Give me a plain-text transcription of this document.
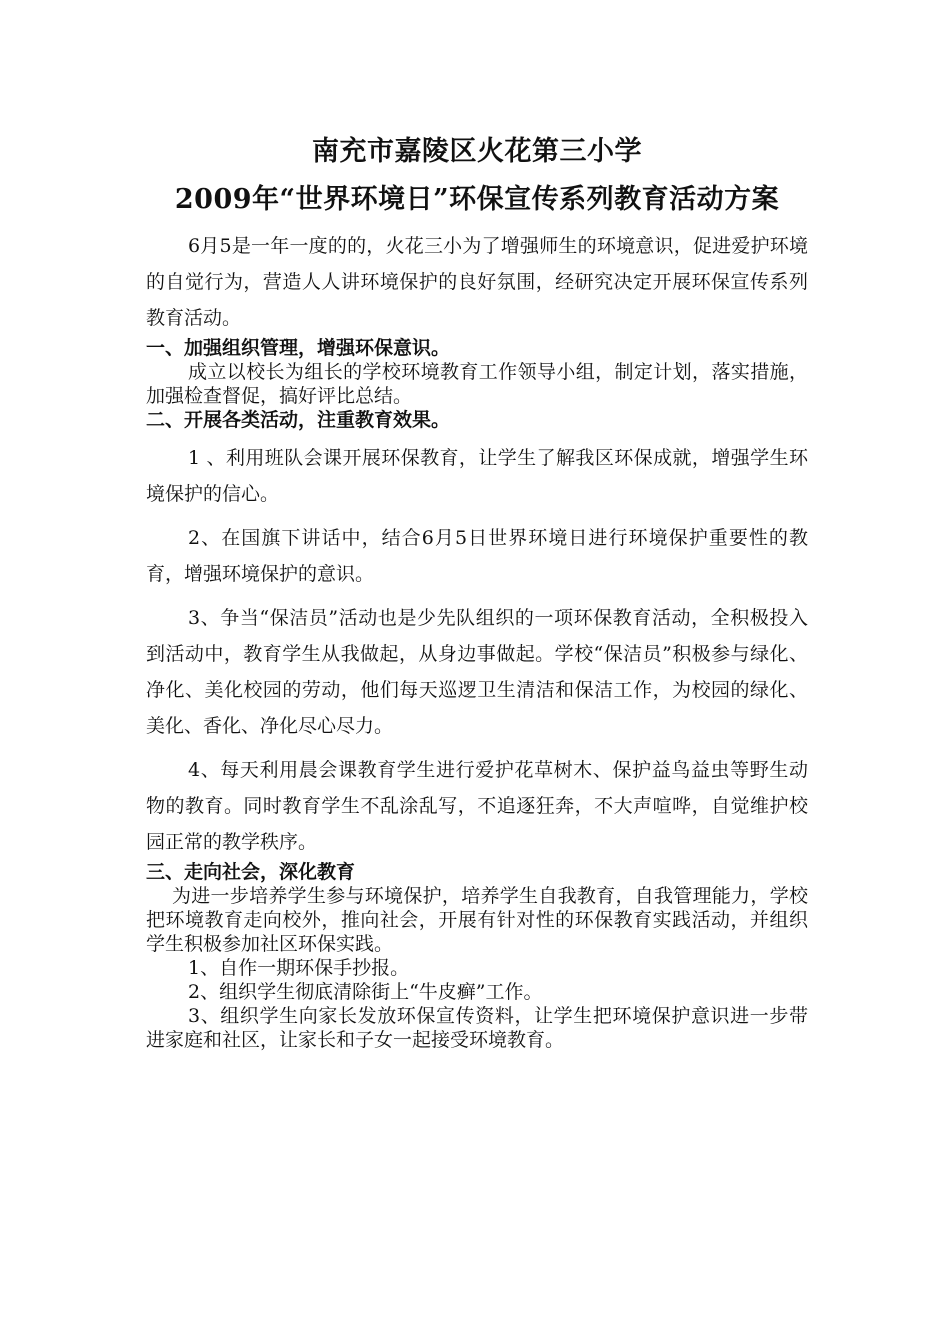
南充市嘉陵区火花第三小学
2009年“世界环境日”环保宣传系列教育活动方案

6月5是一年一度的的，火花三小为了增强师生的环境意识，促进爱护环境的自觉行为，营造人人讲环境保护的良好氛围，经研究决定开展环保宣传系列教育活动。

一、加强组织管理，增强环保意识。

成立以校长为组长的学校环境教育工作领导小组，制定计划，落实措施，加强检查督促，搞好评比总结。

二、开展各类活动，注重教育效果。

1 、利用班队会课开展环保教育，让学生了解我区环保成就，增强学生环境保护的信心。

2、在国旗下讲话中，结合6月5日世界环境日进行环境保护重要性的教育，增强环境保护的意识。

3、争当“保洁员”活动也是少先队组织的一项环保教育活动，全积极投入到活动中，教育学生从我做起，从身边事做起。学校“保洁员”积极参与绿化、净化、美化校园的劳动，他们每天巡逻卫生清洁和保洁工作，为校园的绿化、美化、香化、净化尽心尽力。

4、每天利用晨会课教育学生进行爱护花草树木、保护益鸟益虫等野生动物的教育。同时教育学生不乱涂乱写，不追逐狂奔，不大声喧哗，自觉维护校园正常的教学秩序。

三、走向社会，深化教育

为进一步培养学生参与环境保护，培养学生自我教育，自我管理能力，学校把环境教育走向校外，推向社会，开展有针对性的环保教育实践活动，并组织学生积极参加社区环保实践。

1、自作一期环保手抄报。

2、组织学生彻底清除街上“牛皮癣”工作。

3、组织学生向家长发放环保宣传资料，让学生把环境保护意识进一步带进家庭和社区，让家长和子女一起接受环境教育。
